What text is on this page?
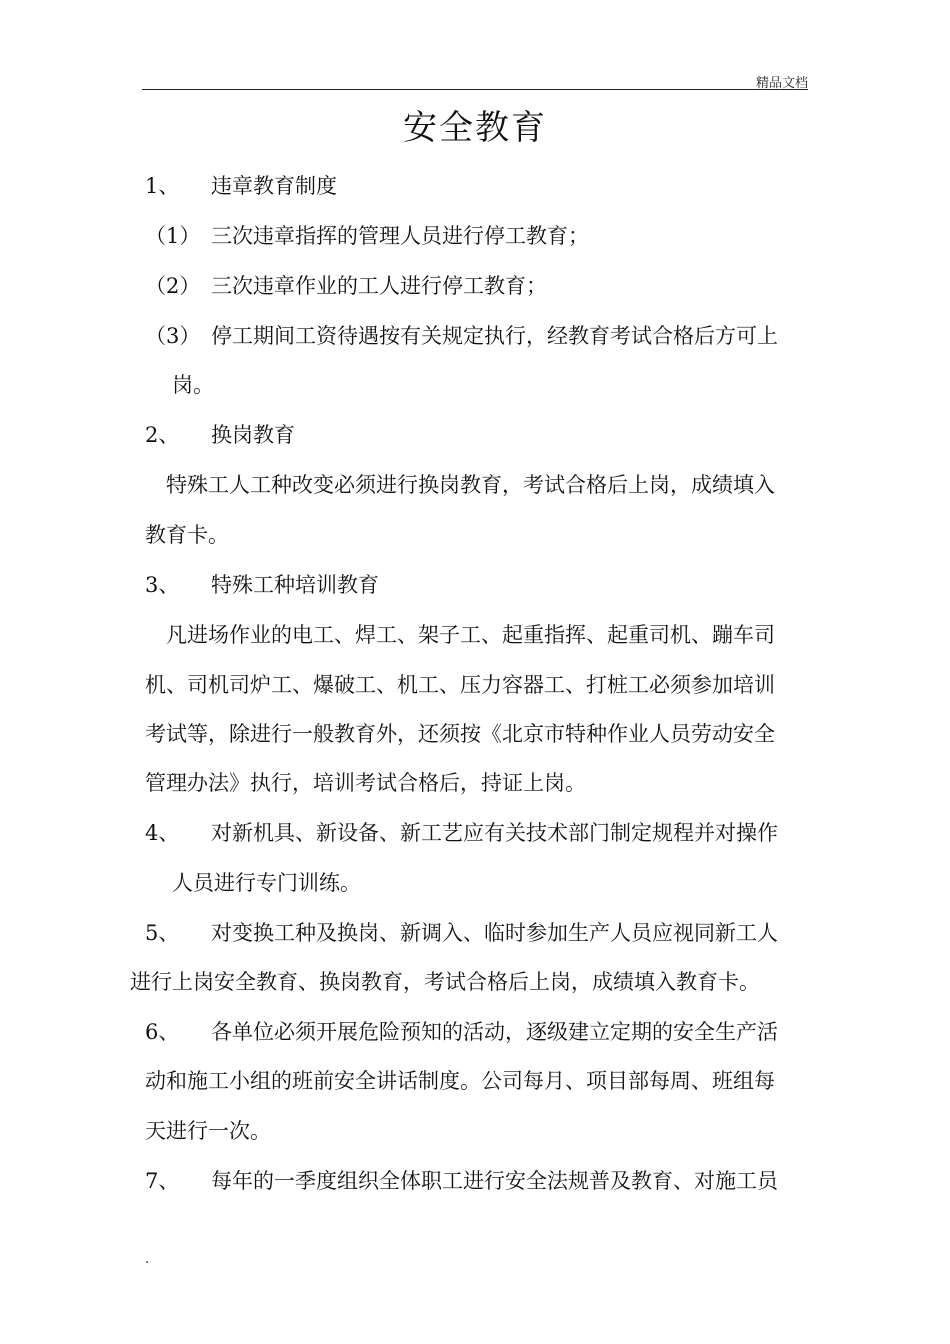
精品文档
安全教育
1、 违章教育制度
（1） 三次违章指挥的管理人员进行停工教育；
（2） 三次违章作业的工人进行停工教育；
（3） 停工期间工资待遇按有关规定执行，经教育考试合格后方可上
岗。
2、 换岗教育
特殊工人工种改变必须进行换岗教育，考试合格后上岗，成绩填入
教育卡。
3、 特殊工种培训教育
凡进场作业的电工、焊工、架子工、起重指挥、起重司机、蹦车司
机、司机司炉工、爆破工、机工、压力容器工、打桩工必须参加培训
考试等，除进行一般教育外，还须按《北京市特种作业人员劳动安全
管理办法》执行，培训考试合格后，持证上岗。
4、 对新机具、新设备、新工艺应有关技术部门制定规程并对操作
人员进行专门训练。
5、 对变换工种及换岗、新调入、临时参加生产人员应视同新工人
进行上岗安全教育、换岗教育，考试合格后上岗，成绩填入教育卡。
6、 各单位必须开展危险预知的活动，逐级建立定期的安全生产活
动和施工小组的班前安全讲话制度。公司每月、项目部每周、班组每
天进行一次。
7、 每年的一季度组织全体职工进行安全法规普及教育、对施工员
.
